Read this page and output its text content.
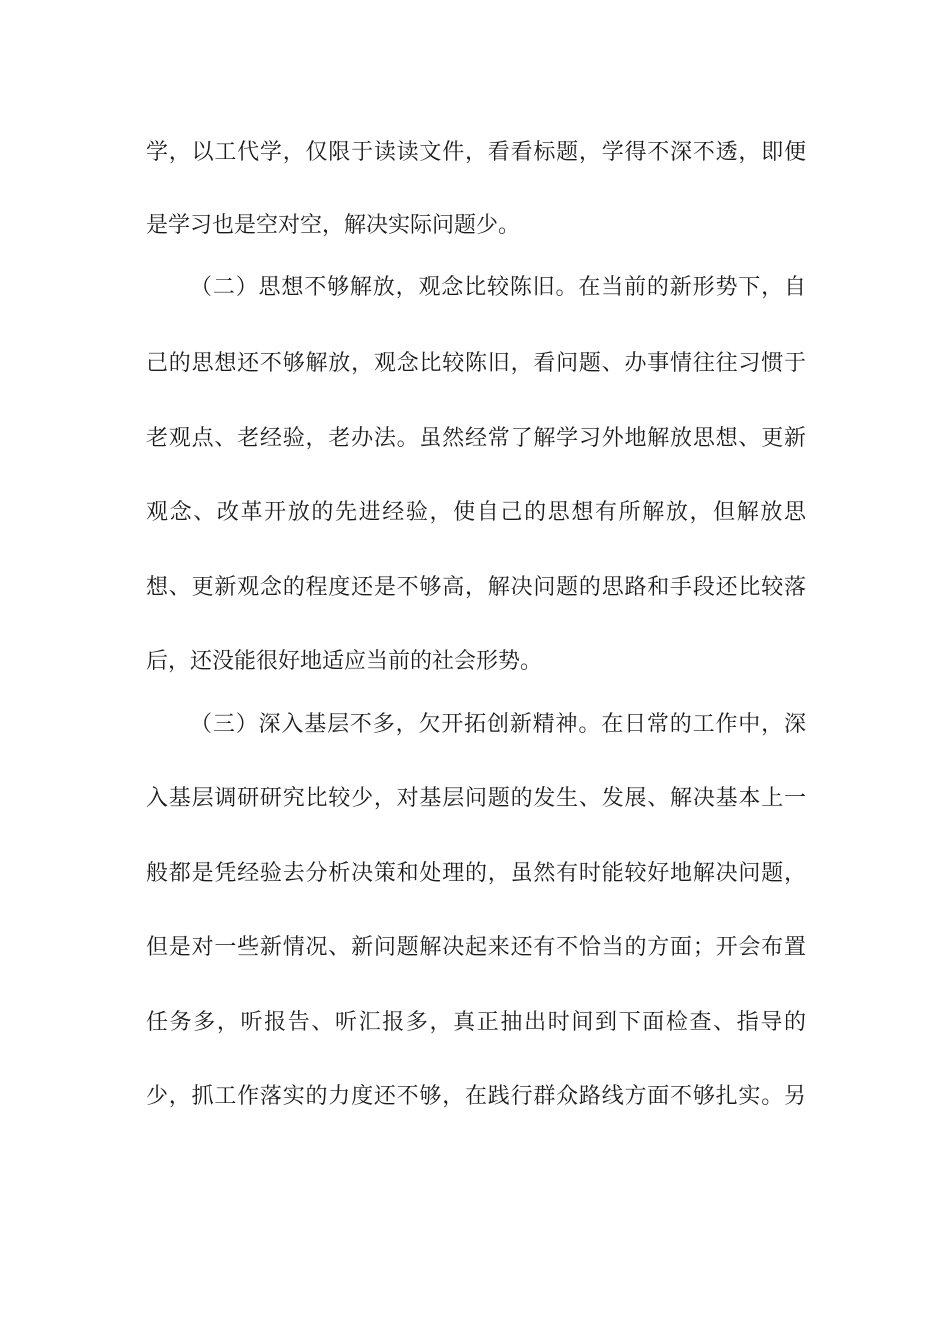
学，以工代学，仅限于读读文件，看看标题，学得不深不透，即便
是学习也是空对空，解决实际问题少。
（二）思想不够解放，观念比较陈旧。在当前的新形势下，自
己的思想还不够解放，观念比较陈旧，看问题、办事情往往习惯于
老观点、老经验，老办法。虽然经常了解学习外地解放思想、更新
观念、改革开放的先进经验，使自己的思想有所解放，但解放思
想、更新观念的程度还是不够高，解决问题的思路和手段还比较落
后，还没能很好地适应当前的社会形势。
（三）深入基层不多，欠开拓创新精神。在日常的工作中，深
入基层调研研究比较少，对基层问题的发生、发展、解决基本上一
般都是凭经验去分析决策和处理的，虽然有时能较好地解决问题，
但是对一些新情况、新问题解决起来还有不恰当的方面；开会布置
任务多，听报告、听汇报多，真正抽出时间到下面检查、指导的
少，抓工作落实的力度还不够，在践行群众路线方面不够扎实。另
